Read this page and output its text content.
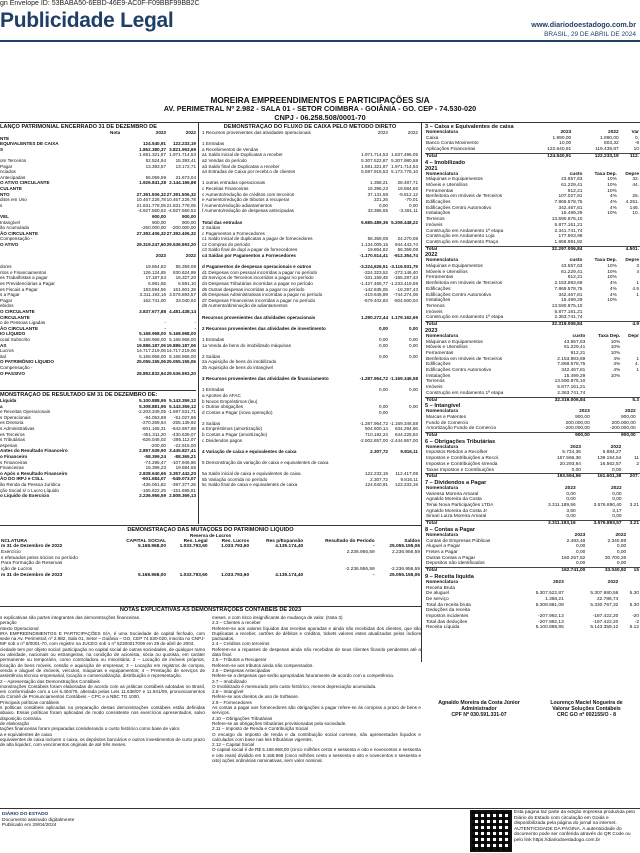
gn Envelope ID: 53BABA50-6EBD-46E9-AC0F-F09BBF99BB2C
Publicidade Legal	www.diariodoestadogo.com.br
BRASIL, 29 DE ABRIL DE 2024
MOREIRA EMPREENDIMENTOS E PARTICIPAÇÕES S/A
AV. PERIMETRAL Nº 2.982 - SALA 01 - SETOR COIMBRA - GOIÂNIA - GO. CEP - 74.530-020
CNPJ - 06.258.508/0001-70
LANÇO PATRIMONIAL ENCERRADO 31 DE DEZEMBRO DE
Nota	2023	2022
NTE
EQUIVALENTES DE CAIXA	124.540,91 122.233,19
S	1.862.380,37 3.821.953,69
1.681.321,87 1.971.714,53
om Terceiros	52.524,94 15.393,41
Pagar	13.393,57 13.172,71
nciados
Antecipadas	55.059,59 21.673,04
O ATIVO CIRCULANTE	1.926.841,28 2.144.166,88
CULANTE
NTO	27.391.506,32 27.391.506,32
ditos em Uso	10.467.226,78 10.467.226,78
s	21.831.778,05 21.831.778,05
-4.927.560,52 -4.927.560,52
VEL	900,00	900,00
Intangível	900,00	900,00
ão Acumulada	-250.000,00 -200.000,00
ÃO CIRCULANTE	27.392.406,32 27.392.406,32
Compensação -
O ATIVO	29.319.247,60 29.536.593,20
2023	2022
dores	19.854,82 56.359,08
ntos e Financiamentos	126.124,85 630.624,99
es Trabalhistas a pagar	17.187,54 16.327,20
es Previdenciárias a Pagar	6.981,55	6.591,10
es Fiscais a Pagar	193.594,56 161.601,38
s a Pagar	3.311.193,16 3.576.893,57
Pagar	162.741,00 33.040,92
ebidos
O CIRCULANTE	3.837.677,88 4.481.438,14
CIRCULANTE
o de Pessoas Ligadas	-	-
ÃO CIRCULANTE	-	-
IO LÍQUIDO	5.168.968,00 5.168.968,00
ocial Subscrito	5.168.968,00 5.168.968,00
AS	19.886.187,06 19.886.187,06
Lucros	14.717.219,06 14.717.219,06
ital	5.168.968,00 5.168.968,00
O PATRIMÔNIO LÍQUIDO	25.055.155,06 25.055.155,06
Compensação -
O PASSIVO	28.892.832,94 29.536.593,20
MONSTRAÇÃO DE RESULTADO EM 31 DE DEZEMBRO DE:
Líquida	5.100.888,95 5.143.359,12
a	5.308.881,95 5.143.359,12
e Receitas Operacionais	-2.203.349,05 -1.697.531,71
s Operacionais	-94.053,88 -51.027,96
es Diretoria	-270.269,64 -255.139,92
s Administrativas	-601.165,31 -642.697,69
es Terceiros	-451.311,20 -430.639,07
s Tributárias	-626.048,02 -295.112,07
espesas	-200,00 -22.915,00
Antes do Resultado Financeiro	2.897.539,90 3.445.827,41
o Financeiro	-58.399,24 -88.365,21
s Financeiras	-74.295,47 -107.946,86
Financeiras	15.396,23 19.584,65
o Após o Resultado Financeiro	2.838.640,66 3.357.442,20
ÃO DO IRPJ e CSLL	-601.684,07 -549.073,07
ão Renda da Pessoa Jurídica	-436.061,82 -397.377,26
ção Social s/ o Lucro Líquido	-165.622,25 -151.695,81
o Líquido do Exercício	2.236.956,59 2.808.369,13
DEMONSTRAÇÃO DO FLUXO DE CAIXA PELO MÉTODO DIRETO
1 Recursos provenientes das atividades operacionais	2023	2022
1 Entradas
a Recebimentos de Vendas
a1 Saldo inicial de Duplicatas a receber	1.971.714,53 1.837.496,05
a2 Vendas do período	5.307.522,87 5.307.980,58
a3 Saldo final de Duplicatas a receber	1.681.321,87 1.971.714,53
a4 Entradas de Caixa por recebt.o de clientes	5.597.915,53 5.173.776,10
1 outras entradas operacionais	1.358,21 28.487,71
c Receitas Financeiras	15.396,23 19.584,65
c Aumento/redução de créditos com terceiros	37.131,58 -9.812,12
e Aumento/redução de tributos a recuperar	221,26	-70,01
f Aumento/redução adiantamentos	0,00	0,00
f Aumento/redução de despesas antecipadas	33.386,55 -3.491,11
Total das entradas	5.685.489,36 5.208.448,22
2 Saídas
c Pagamentos a Fornecedores
c1 Saldo Inicial de duplicatas a pagar de fornecedores	56.359,08 24.270,08
c2 Compras do período	1.134.009,15 944.443,74
c3 Saldo final de dupl a pagar de fornecedores	19.854,82 56.359,08
c4 Saídas por Pagamentos a Fornecedores	-1.170.514,41 -912.354,74
d Pagamentos de despesas operacionais e outros	-3.224,626,51 -3.116.931,79
d1 Despesas com pessoal incorridas a pagar no período	-324.323,52 -273.146,40
d3 Serviços de Terceiros incorridos a pagar no período	-331.159,45 -185.297,43
d4 Despesas Tributárias incorridas a pagar no período	-1.427.465,77 -1.233.419,59
d5 Outras despesas incorridas a pagar no período	-142.635,05 -16.297,43
d6 Despesas Administrativas incorridas a pagar no período	-419.645,89 -744.274,08
d7 Despesas Financeiras incorridas a pagar no período	-579.402,83 -504.500,04
d8 Aumento/diminuição de adiantamentos
Recursos provenientes das atividades operacionais	1.290.272,44 1.179.162,69
2 Recursos provenientes das atividades de investimento	0,00	0,00
1 Entradas	0,00	0,00
1a Venda de bens do imobilizado máquinas	0,00	0,00
2 Saídas	0,00	0,00
2a Aquisição de bens do imobilizado
2b Aquisição de bens do intangível
3 Recursos provenientes das atividades de financiamento	-1.287.964,72 -1.169.346,58
1 Entradas	0,00	0,00
a Aportes de AFAC
b Novos Empréstimos (leu)
c Outras obrigações	0,00	0,00
d Contas a Pagar (nova operação)	0,00
2 Saídas	-1.287.964,72 -1.169.346,58
a Empréstimos (amortização)	504.500,14 634.294,66
b Contas a Pagar (amortização)	710.192,24 644.225,53
c Dividendos pagos	-2.502.657,00 -2.444.867,00
4 Variação de caixa e equivalentes de caixa	2.307,72	9.816,11
5 Demonstração da variação de caixa e equivalentes de caixa
5a Saldo inicial de caixa e equivalentes de caixa	122.233,19 112.417,08
5b Variação ocorrida no período	2.307,72	9.816,11
5c Saldo final de caixa e equivalentes de caixa	124.540,91 122.233,19
3 – Caixa e Equivalentes de caixa
Nomenclatura	2023	2022	Var
Caixa	1.990,00	1.990,00	0,
Banco Conta Movimento	10,00	803,32	-9
Aplicações Financeiras	122.540,91	119.439,87	10
Total	124.540,91	122.233,19	112.
4 – Imobilizado
2021
Nomenclatura	custo	Taxa Dep.	Depre
Máquinas e Equipamentos	43.557,63	10%	32.
Móveis e Utensílios	61.229,41	10%	44.
Ferramentas	912,21	10%	
Benfeitoria em Imóveis de Terceiros	107.027,91	4%	25.
Edificações	7.869.578,75	4%	4.251.
Edificações Centro Automotivo	342.467,81	4%	146.
Instalações	15.499,29	10%	10.
Terrenos	13.590.875,10		
Imóveis	5.877.161,21		
Construção em Andamento 1ª etapa	2.341.741,74		
Construção em Andamento Loja	177.903,98		
Construção em Andamento Praça	1.868.991,82		
Total	32.297.006,84		4.501.
2022
Nomenclatura	custo	Taxa Dep.	Depre
Máquinas e Equipamentos	43.557,63	10%	3
Móveis e Utensílios	61.229,41	10%	4
Ferramentas	912,21	10%	
Benfeitoria em Imóveis de Terceiros	2.153.983,69	4%	1
Edificações	7.869.578,75	4%	4.5
Edificações Centro Automotivo	342.467,81	4%	1
Instalações	15.499,29	10%	
Terrenos	13.590.875,10		
Imóveis	5.877.161,21		
Construção em Andamento 1ª etapa	2.363.741,74		
Total	32.319.006,84		4.9
2023
Nomenclatura	custo	Taxa Dep.	Depr
Máquinas e Equipamentos	43.557,63	10%	
Móveis e Utensílios	61.229,41	10%	
Ferramentas	912,21	10%	
Benfeitoria em Imóveis de Terceiros	2.153.983,69	4%	1
Edificações	7.869.578,75	4%	4.
Edificações Centro Automotivo	342.467,81	4%	1
Instalações	15.499,29	10%	
Terrenos	13.590.875,10		
Imóveis	5.877.161,21		
Construção em Andamento 1ª etapa	2.363.741,74		
Total	32.319.006,84		5.3
5 – Intangível
Nomenclatura	2023	2022	
Marcas e Patentes	900,00	900,00	
Fundo de Comercio	200.000,00	200.000,00	
Amortização Fundo de Comercio	-200.000,00	-200.000,00	
Total	900,00	900,00	
6 – Obrigações Tributárias
Nomenclatura	2023	2022	
Impostos Retidos a Recolher	5.734,36	5.884,27	
Impostos e Contribuições a Recol.	167.566,36	139.154,54	11
Impostos e Contribuições s/renda	20.293,84	16.562,57	2
Taxas Impostos e Contribuições	0,00	0,00	
Total	193.594,56	161.601,38	207.
7 – Dividendos a Pagar
Nomenclatura	2023	2022	
Vanessa Moreira Amaral	0,00	0,00	
Agnaldo Moreira da Costa	0,00	0,00	
Tenai Nova Participações LTDA	3.311.189,56	3.576.890,40	3.21
Agnaldo Moreira da Costa Jr	3,60	3,17	
Simari Luiza Moreira Amaral	0,00	0,00	
Total	3.311.193,16	3.576.893,57	3.21
8 – Contas a Pagar
Nomenclatura	2023	2022	
Contas de Empresas Públicas	2.483,48	2.340,98	
Aluguel a Pagar	0,00	0,00	
Fretes a Pagar	0,00	0,00	
Outras Contas a Pagar	160.257,52	30.700,26	
Depositos não identificados	0,00	0,00	
Total	162.741,00	33.040,92	15
9 – Receita liquida
Nomenclatura	2023	2022	
Receita Bruta			
De aluguel	5.307.522,87	5.307.980,58	5.30
De serviço	1.358,21	22.786,74	
Total da receita bruta	5.308.881,08	5.330.767,32	5.30
Deduções da receita			
Impostos incidentes	-207.992,13	-187.422,20	-20
Total das deduções	-207.992,13	-187.422,20	-2
Receita Líquida	5.100.888,95	5.143.359,12	6.12
DEMONSTRAÇÃO DAS MUTAÇÕES DO PATRIMÔNIO LÍQUIDO
Reserva de Lucros
NCLATURA	CAPITAL SOCIAL	Res. Legal	Res. Lucros	Res p/Expansão	Resultado do Período	Saldos
m 31 de Dezembro de 2022	5.168.968,00	1.033.793,60	1.033.793,60	4.135.174,40	-	25.055.155,06
Exercício					2.236.956,59	2.236.956,59
s efetuados pelos sócios no período						
Para Formação de Reservas						
ição de Lucros					-2.236.956,59	-2.236.956,59
m 31 de Dezembro de 2023	5.168.968,00	1.033.793,60	1.033.793,60	4.135.174,40	-	25.055.155,06
NOTAS EXPLICATIVAS ÀS DEMONSTRAÇÕES CONTÁBEIS DE 2023
s explicativas são partes integrantes das demonstrações financeiras.
peração
ntexto Operacional
IRA EMPREENDIMENTOS E PARTICIPAÇÕES S/A, é uma Sociedade de capital fechado, com sede na Av. Perimetral, nº 2.982, Sala 01, Setor – Goiânia – GO, CEP 74.530-020, inscrita no CNPJ-MF sob o nº 8/0001-70, com registro na JUCEG sob o nº 52300017009 em 29 de abril de 2004.
ciedade tem por objeto social: participação no capital social de outras sociedades, de qualquer ramo ou atividade, nacionais ou estrangeiras, na condição de acionista, sócia ou quotista, em caráter permanente ou temporário, como controladora ou minoritária; 2 – Locação de imóveis próprios, locação de bens móveis, cessão e aquisição de empresas; 3 – Locação em registros de compra, venda e aluguel de imóveis, veículos, máquinas e equipamentos; 4 – Prestação de serviços de assistência técnica empresarial, locação e comercialização, distribuição e representação.
2 – Apresentação das Demonstrações Contábeis
monstrações Contábeis foram elaboradas de acordo com as práticas contábeis adotadas no Brasil, em conformidade com a Lei 6.404/76, alterada pelas Leis 11.638/07 e 11.941/09, pronunciamentos do Comitê de Pronunciamentos Contábeis – CPC e a NBC TG 1000.
Principais políticas contábeis
s políticas contábeis aplicadas na preparação destas demonstrações contábeis estão definidas abaixo. Essas políticas foram aplicadas de modo consistente nos exercícios apresentados, salvo disposição contrária.
de elaboração
tações financeiras foram preparadas considerando o custo histórico como base de valor.
a e equivalentes de caixa
equivalentes de caixa incluem o caixa, os depósitos bancários e outros investimentos de curto prazo de alta liquidez, com vencimentos originais de até três meses.
meses, e com risco insignificante de mudança de valor. (Nota 3)
2.3 – Clientes a receber
Referem-se aos valores líquidos das receitas apuradas e ainda não recebidas dos clientes, que são Duplicatas a receber, cartões de débitos e créditos, tickets valores estes atualizados pelos índices pactuados.
2.4 – Créditos com terceiros
Referem-se a repasses de despesas ainda não recebidas de seus clientes ficando pendentes até a data final.
2.5 – Tributos a Recuperar
Referem-se aos tributos ainda não compensados.
2.6 – Despesas Antecipadas
Refere-se a despesas que serão apropriadas futuramente de acordo com a competência.
2.7 – Imobilizado
O Imobilizado é mensurado pelo custo histórico, menos depreciação acumulada.
2.8 – Intangível
Refere-se aos direitos de uso de Software.
2.9 – Fornecedores
As contas a pagar aos fornecedores são obrigações a pagar refere-se às compras a prazo de bens e serviços.
2.10 – Obrigações Tributárias
Refere-se as obrigações tributárias provisionadas pela sociedade.
2.11 – Imposto de Renda e Contribuição Social
O encargo do imposto de renda e da contribuição social corrente, são apresentados líquidos e calculados com base nas leis tributárias vigentes.
2.12 – Capital Social
O capital social é de R$ 5.168.968,00 (cinco milhões cento e sessenta e oito e novecentos e sessenta e oito reais) dividido em 5.168.968 (cinco milhões cento e sessenta e oito e novecentos e sessenta e oito) ações ordinárias nominativas, sem valor nominal.
Agnaldo Moreira da Costa Júnior
Administrador
CPF Nº 030.591.331-07
Lourenço Maciel Nogueira de
Valorar Soluções Contábeis
CRC GO nº 002155/O - 8
DIÁRIO DO ESTADO
Documento assinado digitalmente
Publicado em 29/04/2024
Esta página faz parte da edição impressa produzida pelo Diário do Estado com circulação em Goiás e disponibilizada pela página do jornal na internet. AUTENTICIDADE DA PÁGINA. A autenticidade do documento pode ser conferida através do QR Code ou pelo link https://diariodoestadogo.com.br
